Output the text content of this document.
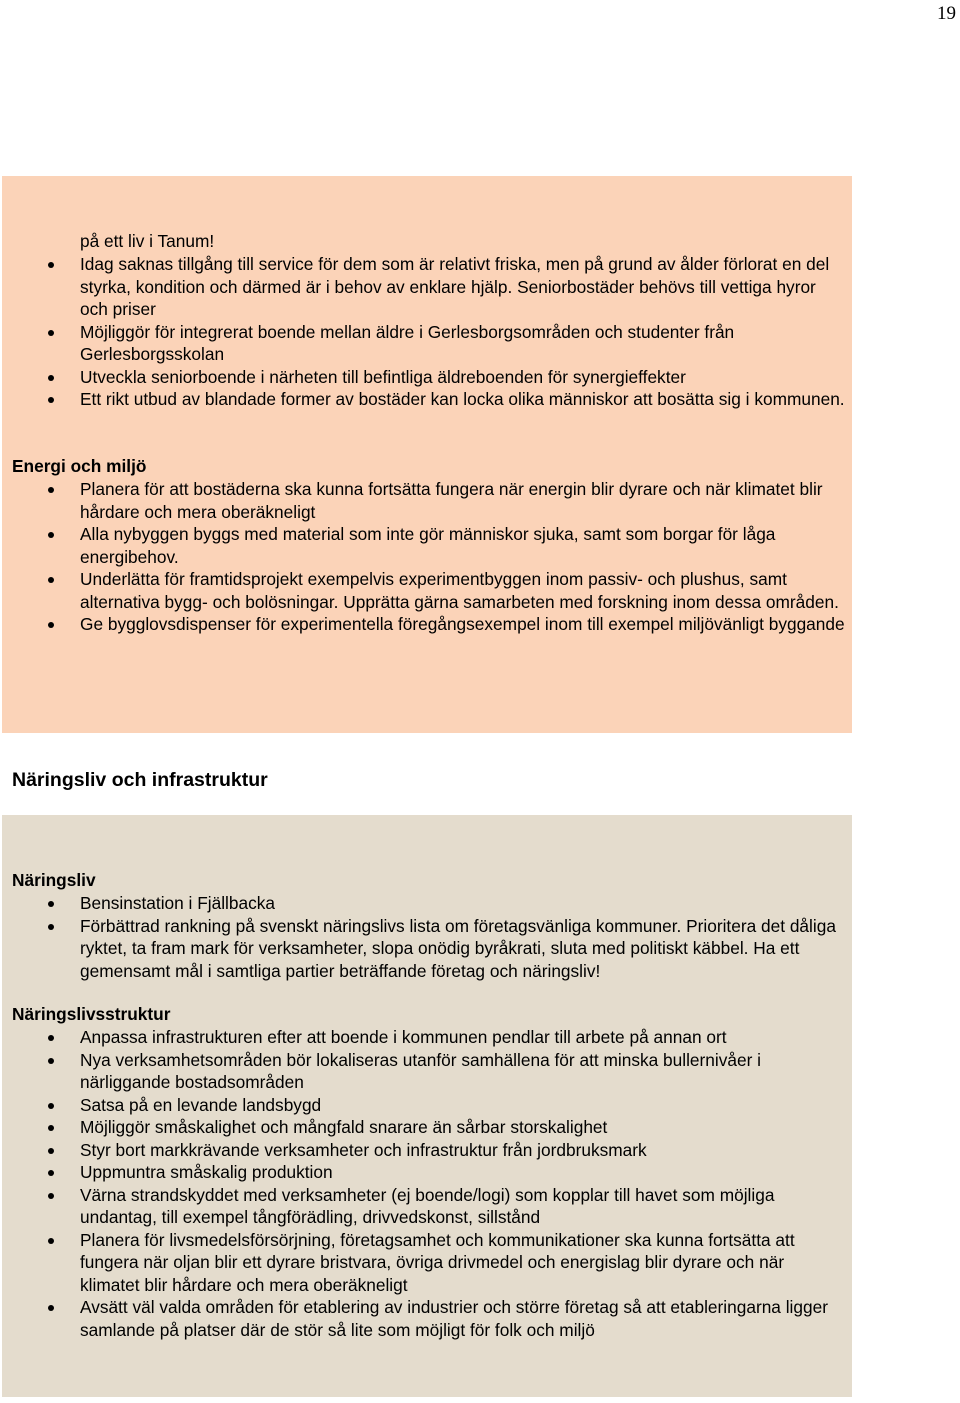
19

på ett liv i Tanum!

Idag saknas tillgång till service för dem som är relativt friska, men på grund av ålder förlorat en del styrka, kondition och därmed är i behov av enklare hjälp. Seniorbostäder behövs till vettiga hyror och priser
Möjliggör för integrerat boende mellan äldre i Gerlesborgsområden och studenter från Gerlesborgsskolan
Utveckla seniorboende i närheten till befintliga äldreboenden för synergieffekter
Ett rikt utbud av blandade former av bostäder kan locka olika människor att bosätta sig i kommunen.

Energi och miljö

Planera för att bostäderna ska kunna fortsätta fungera när energin blir dyrare och när klimatet blir hårdare och mera oberäkneligt
Alla nybyggen byggs med material som inte gör människor sjuka, samt som borgar för låga energibehov.
Underlätta för framtidsprojekt exempelvis experimentbyggen inom passiv- och plushus, samt alternativa bygg- och bolösningar. Upprätta gärna samarbeten med forskning inom dessa områden.
Ge bygglovsdispenser för experimentella föregångsexempel inom till exempel miljövänligt byggande
Näringsliv och infrastruktur

Näringsliv

Bensinstation i Fjällbacka
Förbättrad rankning på svenskt näringslivs lista om företagsvänliga kommuner. Prioritera det dåliga ryktet, ta fram mark för verksamheter, slopa onödig byråkrati, sluta med politiskt käbbel. Ha ett gemensamt mål i samtliga partier beträffande företag och näringsliv!

Näringslivsstruktur

Anpassa infrastrukturen efter att boende i kommunen pendlar till arbete på annan ort
Nya verksamhetsområden bör lokaliseras utanför samhällena för att minska bullernivåer i närliggande bostadsområden
Satsa på en levande landsbygd
Möjliggör småskalighet och mångfald snarare än sårbar storskalighet
Styr bort markkrävande verksamheter och infrastruktur från jordbruksmark
Uppmuntra småskalig produktion
Värna strandskyddet med verksamheter (ej boende/logi) som kopplar till havet som möjliga undantag, till exempel tångförädling, drivvedskonst, sillstånd
Planera för livsmedelsförsörjning, företagsamhet och kommunikationer ska kunna fortsätta att fungera när oljan blir ett dyrare bristvara, övriga drivmedel och energislag blir dyrare och när klimatet blir hårdare och mera oberäkneligt
Avsätt väl valda områden för etablering av industrier och större företag så att etableringarna ligger samlande på platser där de stör så lite som möjligt för folk och miljö
